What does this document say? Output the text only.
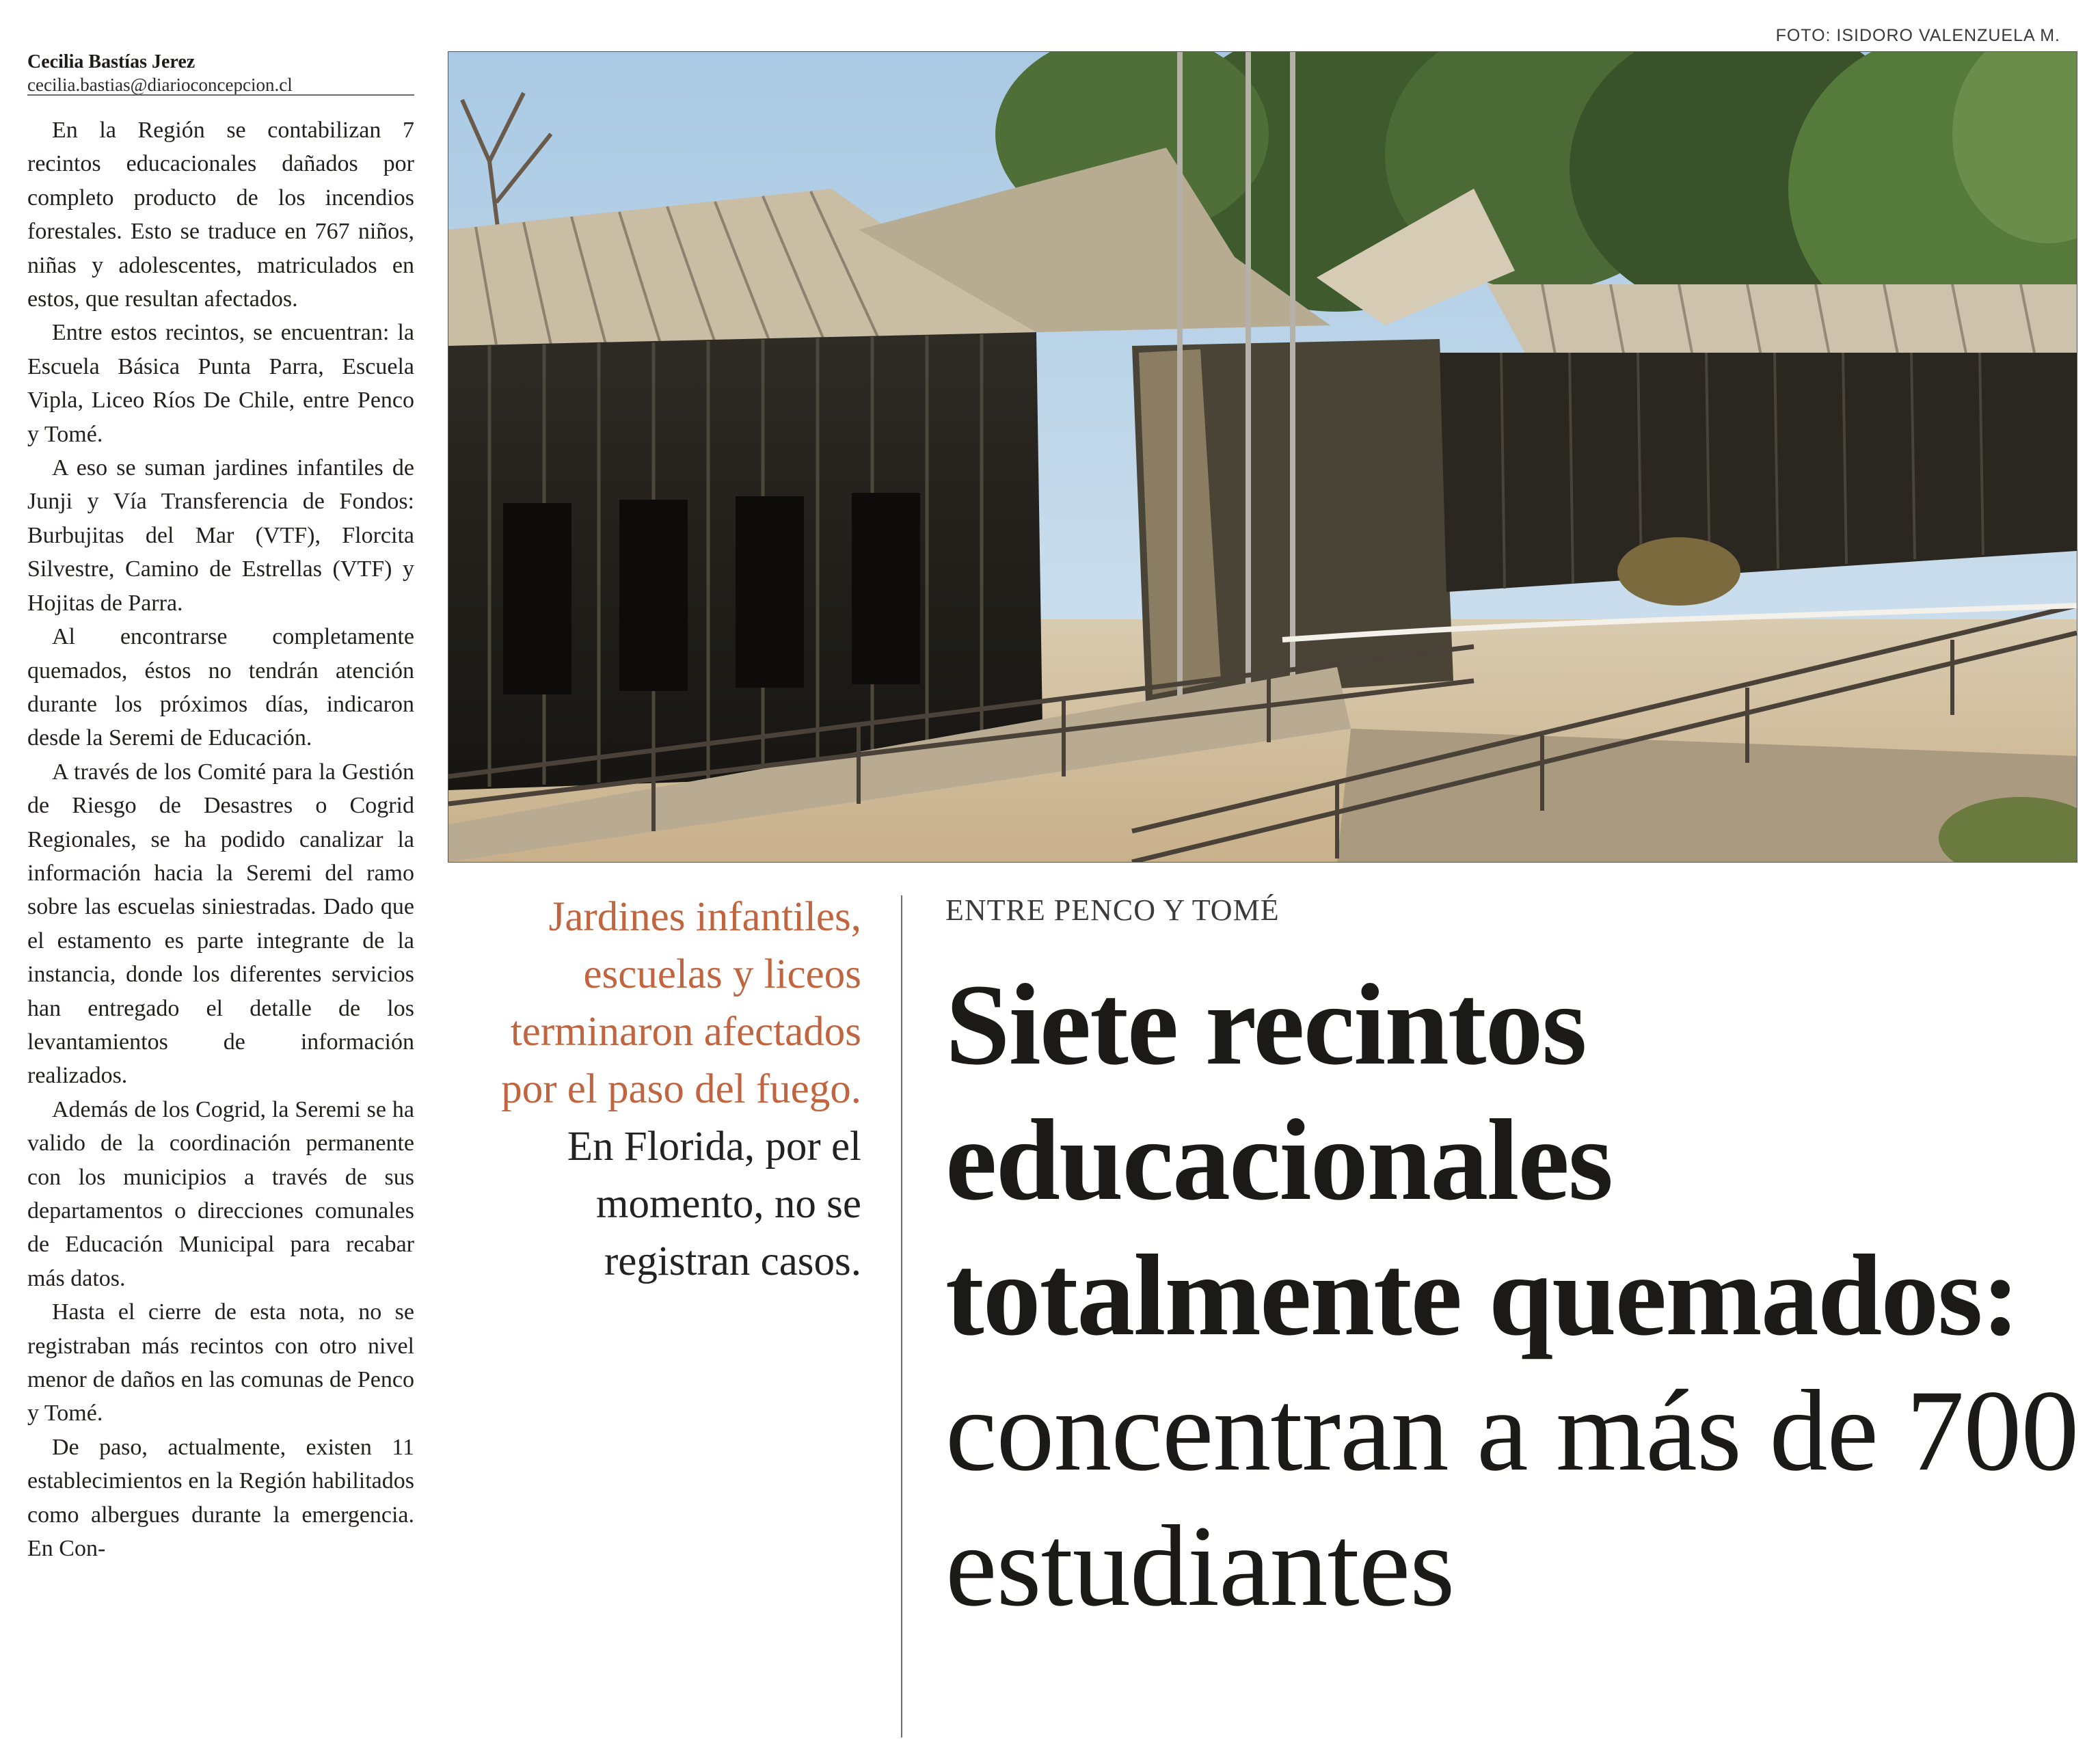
FOTO: ISIDORO VALENZUELA M.
Cecilia Bastías Jerez
cecilia.bastias@diarioconcepcion.cl

En la Región se contabilizan 7 recintos educacionales dañados por completo producto de los incendios forestales. Esto se traduce en 767 niños, niñas y adolescentes, matriculados en estos, que resultan afectados.

Entre estos recintos, se encuentran: la Escuela Básica Punta Parra, Escuela Vipla, Liceo Ríos De Chile, entre Penco y Tomé.

A eso se suman jardines infantiles de Junji y Vía Transferencia de Fondos: Burbujitas del Mar (VTF), Florcita Silvestre, Camino de Estrellas (VTF) y Hojitas de Parra.

Al encontrarse completamente quemados, éstos no tendrán atención durante los próximos días, indicaron desde la Seremi de Educación.

A través de los Comité para la Gestión de Riesgo de Desastres o Cogrid Regionales, se ha podido canalizar la información hacia la Seremi del ramo sobre las escuelas siniestradas. Dado que el estamento es parte integrante de la instancia, donde los diferentes servicios han entregado el detalle de los levantamientos de información realizados.

Además de los Cogrid, la Seremi se ha valido de la coordinación permanente con los municipios a través de sus departamentos o direcciones comunales de Educación Municipal para recabar más datos.

Hasta el cierre de esta nota, no se registraban más recintos con otro nivel menor de daños en las comunas de Penco y Tomé.

De paso, actualmente, existen 11 establecimientos en la Región habilitados como albergues durante la emergencia. En Con-

Jardines infantiles, escuelas y liceos terminaron afectados por el paso del fuego.
En Florida, por el momento, no se registran casos.
ENTRE PENCO Y TOMÉ
Siete recintos educacionales totalmente quemados:
concentran a más de 700 estudiantes
